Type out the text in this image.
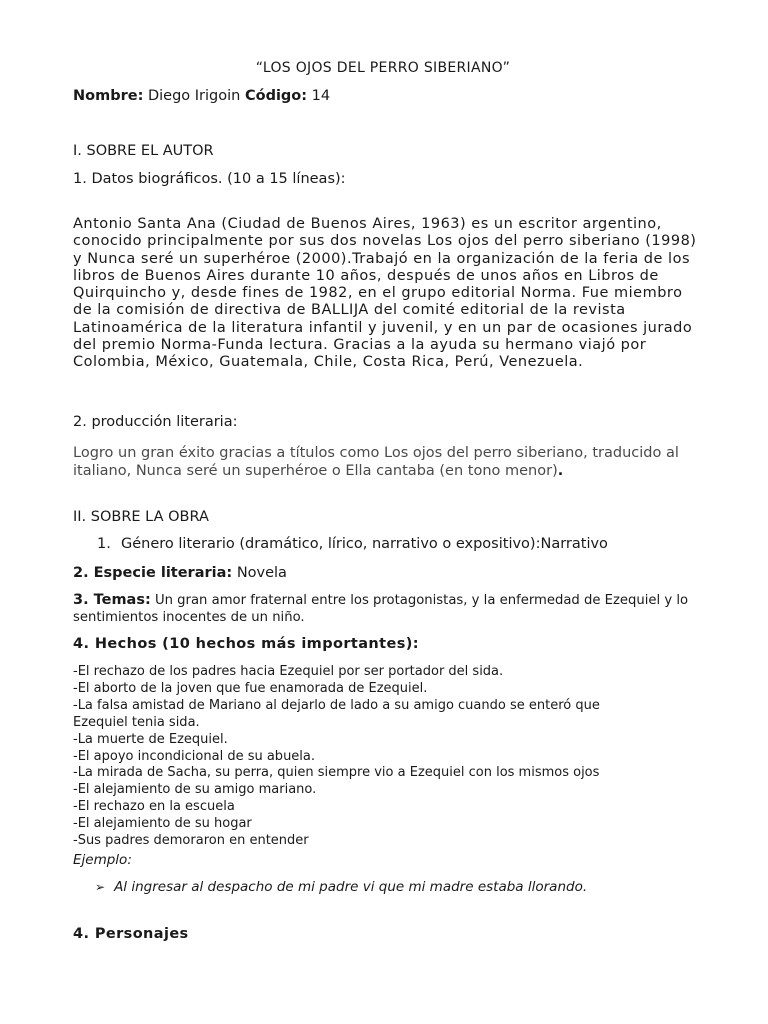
“LOS OJOS DEL PERRO SIBERIANO”
Nombre: Diego Irigoin Código: 14
I. SOBRE EL AUTOR
1. Datos biográficos. (10 a 15 líneas):
Antonio Santa Ana (Ciudad de Buenos Aires, 1963) es un escritor argentino, conocido principalmente por sus dos novelas Los ojos del perro siberiano (1998) y Nunca seré un superhéroe (2000).Trabajó en la organización de la feria de los libros de Buenos Aires durante 10 años, después de unos años en Libros de Quirquincho y, desde fines de 1982, en el grupo editorial Norma. Fue miembro de la comisión de directiva de BALLIJA del comité editorial de la revista Latinoamérica de la literatura infantil y juvenil, y en un par de ocasiones jurado del premio Norma-Funda lectura. Gracias a la ayuda su hermano viajó por Colombia, México, Guatemala, Chile, Costa Rica, Perú, Venezuela.
2. producción literaria:
Logro un gran éxito gracias a títulos como Los ojos del perro siberiano, traducido al italiano, Nunca seré un superhéroe o Ella cantaba (en tono menor).
II. SOBRE LA OBRA
1. Género literario (dramático, lírico, narrativo o expositivo):Narrativo
2. Especie literaria: Novela
3. Temas: Un gran amor fraternal entre los protagonistas, y la enfermedad de Ezequiel y lo sentimientos inocentes de un niño.
4. Hechos (10 hechos más importantes):
-El rechazo de los padres hacia Ezequiel por ser portador del sida.
-El aborto de la joven que fue enamorada de Ezequiel.
-La falsa amistad de Mariano al dejarlo de lado a su amigo cuando se enteró que
Ezequiel tenia sida.
-La muerte de Ezequiel.
-El apoyo incondicional de su abuela.
-La mirada de Sacha, su perra, quien siempre vio a Ezequiel con los mismos ojos
-El alejamiento de su amigo mariano.
-El rechazo en la escuela
-El alejamiento de su hogar
-Sus padres demoraron en entender
Ejemplo:
➢ Al ingresar al despacho de mi padre vi que mi madre estaba llorando.
4. Personajes
